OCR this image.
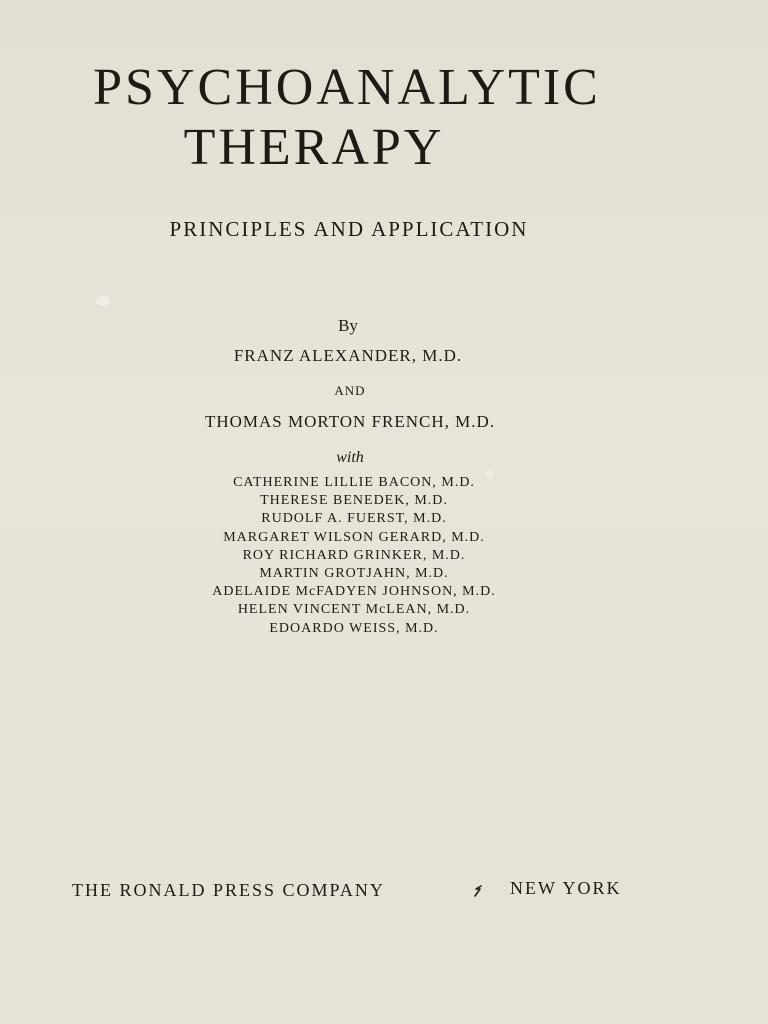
PSYCHOANALYTIC
THERAPY
PRINCIPLES AND APPLICATION
By
FRANZ ALEXANDER, M.D.
AND
THOMAS MORTON FRENCH, M.D.
with
CATHERINE LILLIE BACON, M.D.
THERESE BENEDEK, M.D.
RUDOLF A. FUERST, M.D.
MARGARET WILSON GERARD, M.D.
ROY RICHARD GRINKER, M.D.
MARTIN GROTJAHN, M.D.
ADELAIDE McFADYEN JOHNSON, M.D.
HELEN VINCENT McLEAN, M.D.
EDOARDO WEISS, M.D.
THE RONALD PRESS COMPANY	NEW YORK
